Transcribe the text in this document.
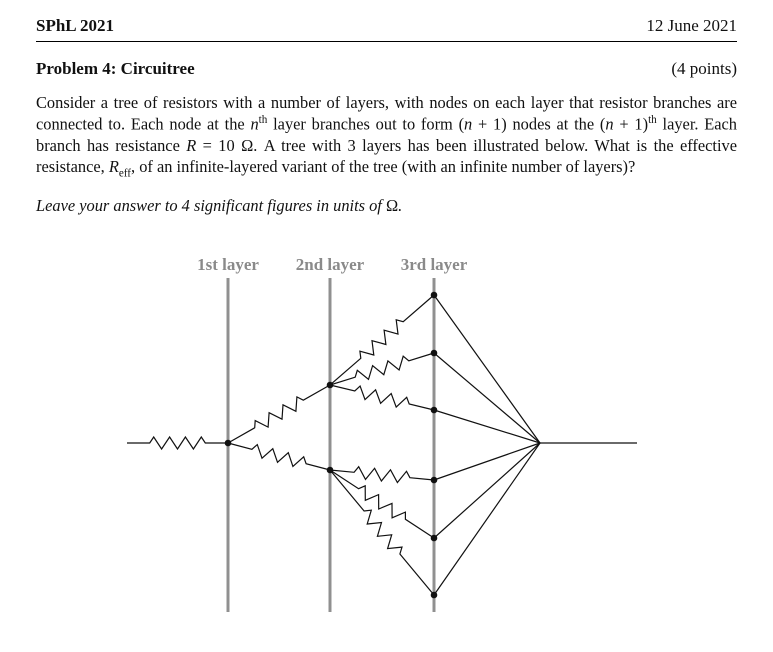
SPhL 2021	12 June 2021
Problem 4: Circuitree	(4 points)

Consider a tree of resistors with a number of layers, with nodes on each layer that resistor branches are connected to. Each node at the $n^{th}$ layer branches out to form (n + 1) nodes at the $(n + 1)^{th}$ layer. Each branch has resistance R = 10 Ω. A tree with 3 layers has been illustrated below. What is the effective resistance, $R_{eff}$, of an infinite-layered variant of the tree (with an infinite number of layers)?

Leave your answer to 4 significant figures in units of Ω.

1st layer 2nd layer 3rd layer
